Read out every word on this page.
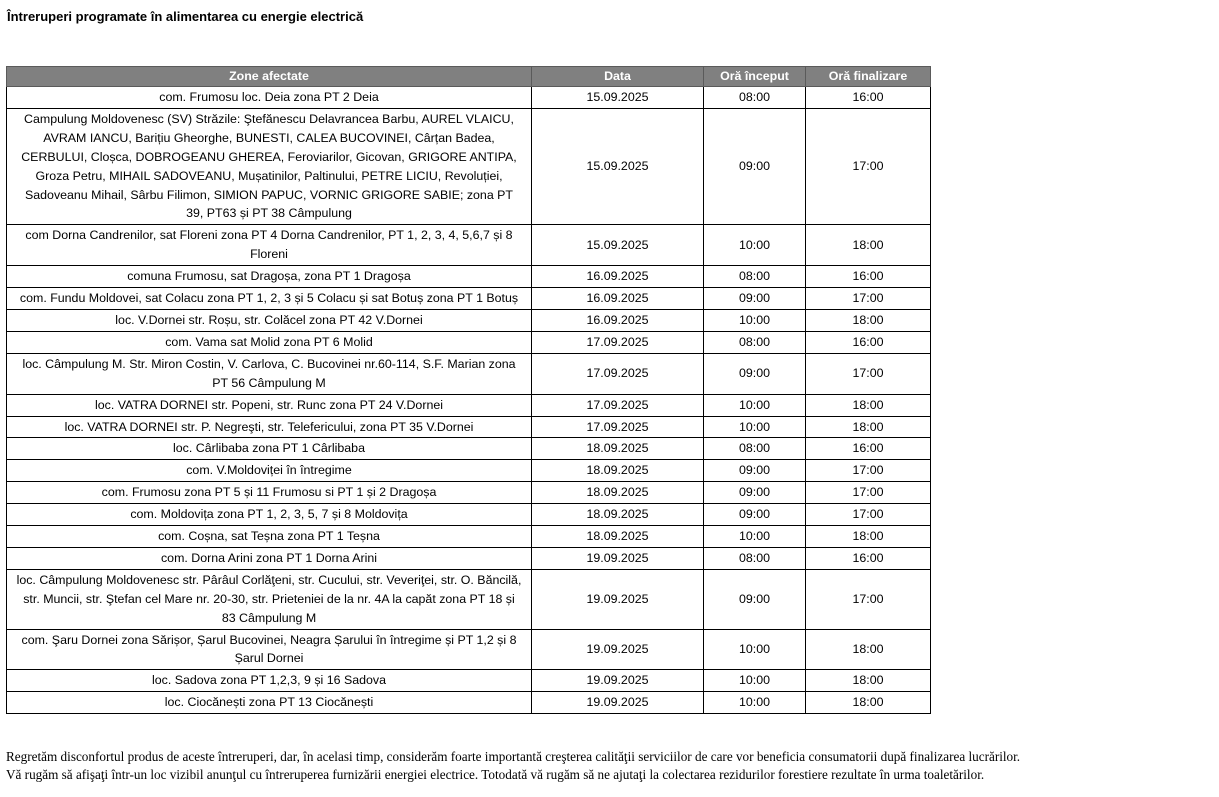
Întreruperi programate în alimentarea cu energie electrică
Zone afectate	Data	Oră început	Oră finalizare
com. Frumosu loc. Deia zona PT 2 Deia	15.09.2025	08:00	16:00
Campulung Moldovenesc (SV) Străzile: Ştefănescu Delavrancea Barbu, AUREL VLAICU, AVRAM IANCU, Barițiu Gheorghe, BUNESTI, CALEA BUCOVINEI, Cârțan Badea, CERBULUI, Cloșca, DOBROGEANU GHEREA, Feroviarilor, Gicovan, GRIGORE ANTIPA, Groza Petru, MIHAIL SADOVEANU, Mușatinilor, Paltinului, PETRE LICIU, Revoluției, Sadoveanu Mihail, Sârbu Filimon, SIMION PAPUC, VORNIC GRIGORE SABIE; zona PT 39, PT63 și PT 38 Câmpulung	15.09.2025	09:00	17:00
com Dorna Candrenilor, sat Floreni zona PT 4 Dorna Candrenilor, PT 1, 2, 3, 4, 5,6,7 și 8 Floreni	15.09.2025	10:00	18:00
comuna Frumosu, sat Dragoșa, zona PT 1 Dragoșa	16.09.2025	08:00	16:00
com. Fundu Moldovei, sat Colacu zona PT 1, 2, 3 și 5 Colacu și sat Botuș zona PT 1 Botuș	16.09.2025	09:00	17:00
loc. V.Dornei str. Roșu, str. Colăcel zona PT 42 V.Dornei	16.09.2025	10:00	18:00
com. Vama sat Molid zona PT 6 Molid	17.09.2025	08:00	16:00
loc. Câmpulung M. Str. Miron Costin, V. Carlova, C. Bucovinei nr.60-114, S.F. Marian zona PT 56 Câmpulung M	17.09.2025	09:00	17:00
loc. VATRA DORNEI str. Popeni, str. Runc zona PT 24 V.Dornei	17.09.2025	10:00	18:00
loc. VATRA DORNEI str. P. Negreşti, str. Telefericului, zona PT 35 V.Dornei	17.09.2025	10:00	18:00
loc. Cârlibaba zona PT 1 Cârlibaba	18.09.2025	08:00	16:00
com. V.Moldoviței în întregime	18.09.2025	09:00	17:00
com. Frumosu zona PT 5 și 11 Frumosu si PT 1 și 2 Dragoșa	18.09.2025	09:00	17:00
com. Moldovița zona PT 1, 2, 3, 5, 7 și 8 Moldovița	18.09.2025	09:00	17:00
com. Coșna, sat Teșna zona PT 1 Teșna	18.09.2025	10:00	18:00
com. Dorna Arini zona PT 1 Dorna Arini	19.09.2025	08:00	16:00
loc. Câmpulung Moldovenesc str. Pârâul Corlăţeni, str. Cucului, str. Veveriţei, str. O. Băncilă, str. Muncii, str. Ştefan cel Mare nr. 20-30, str. Prieteniei de la nr. 4A la capăt zona PT 18 și 83 Câmpulung M	19.09.2025	09:00	17:00
com. Şaru Dornei zona Sărișor, Șarul Bucovinei, Neagra Șarului în întregime și PT 1,2 și 8 Șarul Dornei	19.09.2025	10:00	18:00
loc. Sadova zona PT 1,2,3, 9 și 16 Sadova	19.09.2025	10:00	18:00
loc. Ciocănești zona PT 13 Ciocănești	19.09.2025	10:00	18:00
Regretăm disconfortul produs de aceste întreruperi, dar, în acelasi timp, considerăm foarte importantă creşterea calităţii serviciilor de care vor beneficia consumatorii după finalizarea lucrărilor.
Vă rugăm să afişaţi într-un loc vizibil anunţul cu întreruperea furnizării energiei electrice. Totodată vă rugăm să ne ajutaţi la colectarea rezidurilor forestiere rezultate în urma toaletărilor.
